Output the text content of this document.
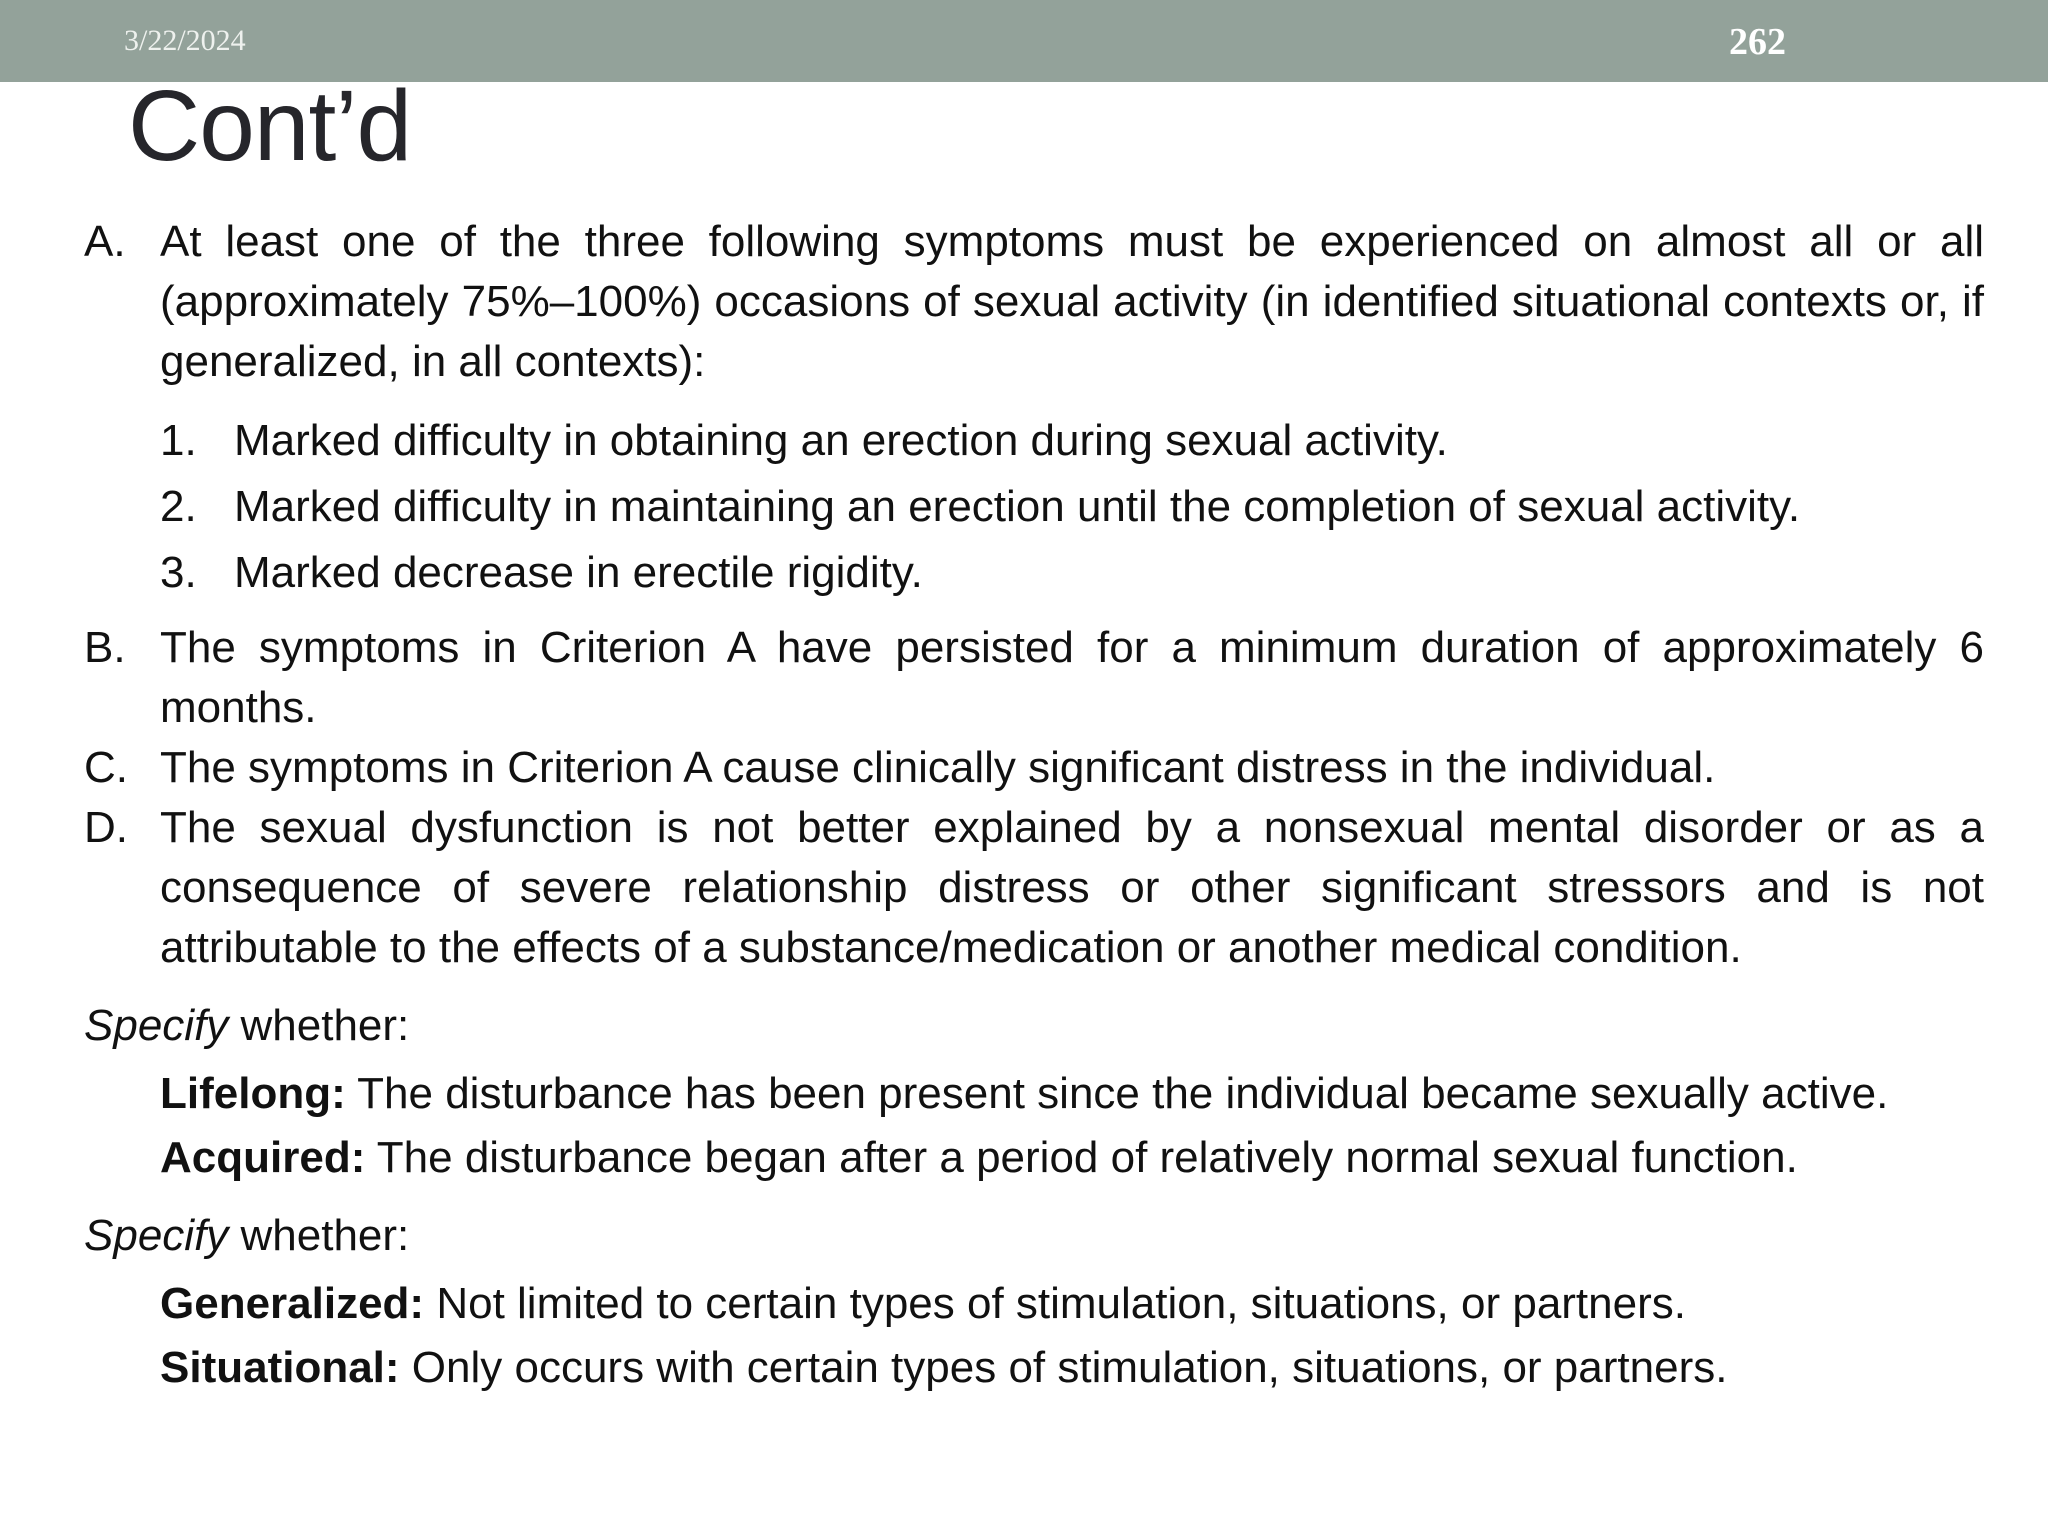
3/22/2024	262
Cont’d
A. At least one of the three following symptoms must be experienced on almost all or all (approximately 75%–100%) occasions of sexual activity (in identified situational contexts or, if generalized, in all contexts):
1. Marked difficulty in obtaining an erection during sexual activity.
2. Marked difficulty in maintaining an erection until the completion of sexual activity.
3. Marked decrease in erectile rigidity.
B. The symptoms in Criterion A have persisted for a minimum duration of approximately 6 months.
C. The symptoms in Criterion A cause clinically significant distress in the individual.
D. The sexual dysfunction is not better explained by a nonsexual mental disorder or as a consequence of severe relationship distress or other significant stressors and is not attributable to the effects of a substance/medication or another medical condition.
Specify whether:
Lifelong: The disturbance has been present since the individual became sexually active.
Acquired: The disturbance began after a period of relatively normal sexual function.
Specify whether:
Generalized: Not limited to certain types of stimulation, situations, or partners.
Situational: Only occurs with certain types of stimulation, situations, or partners.
